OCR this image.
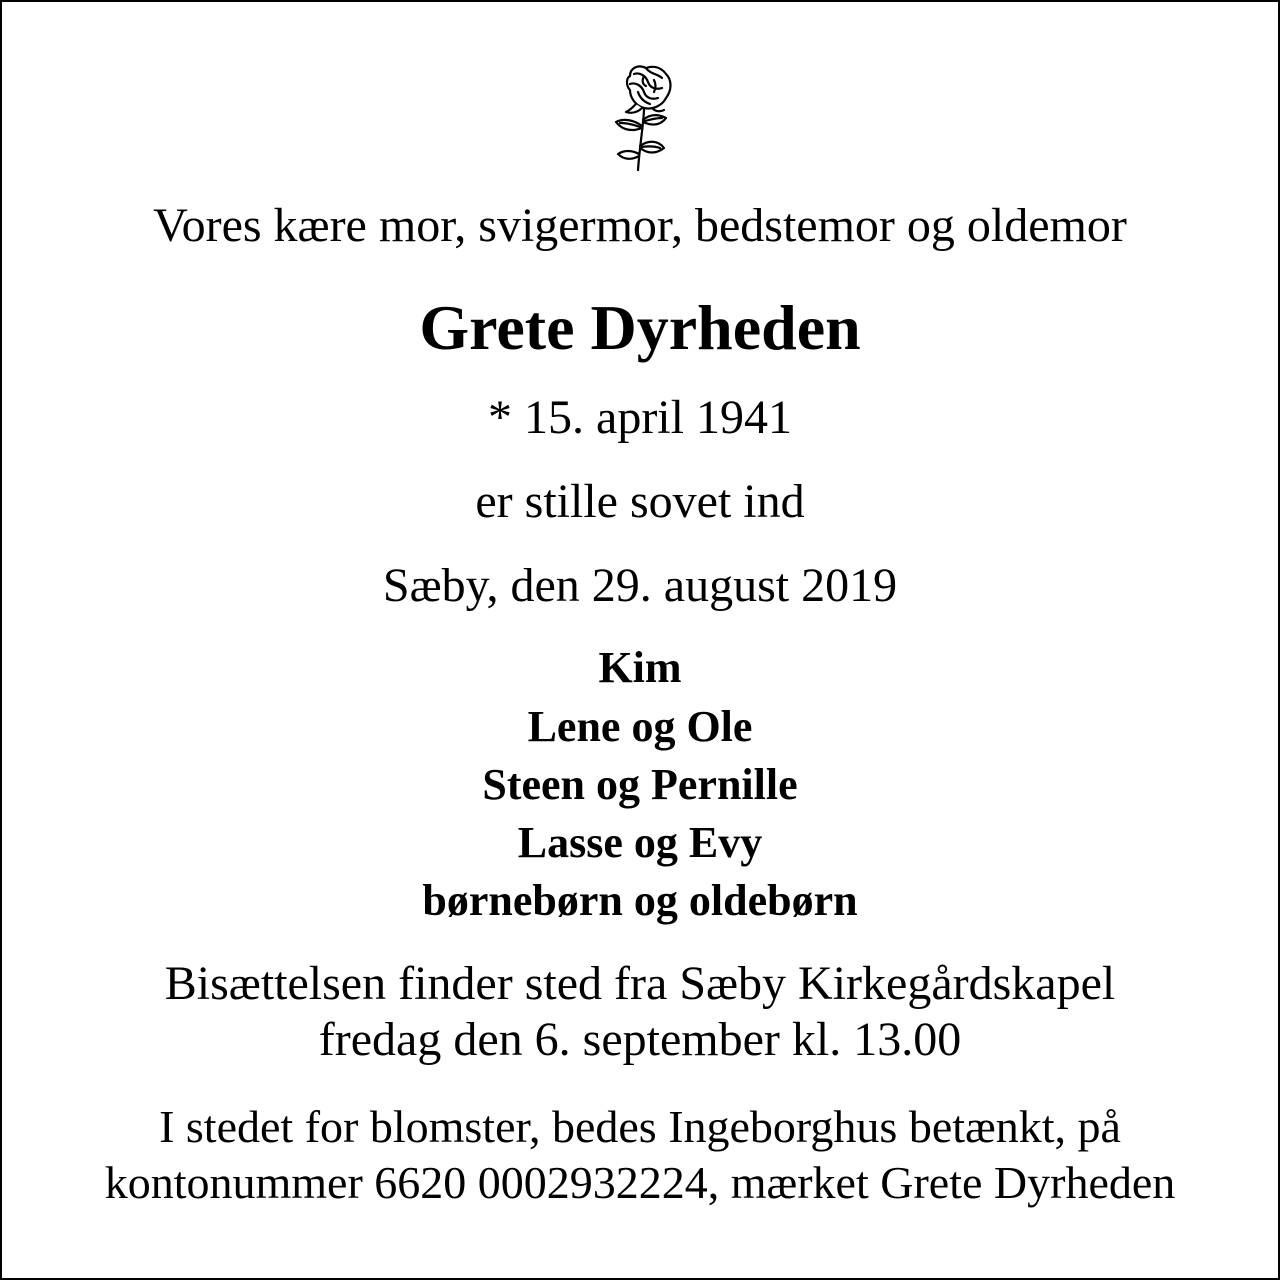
Vores kære mor, svigermor, bedstemor og oldemor
Grete Dyrheden
* 15. april 1941
er stille sovet ind
Sæby, den 29. august 2019
Kim
Lene og Ole
Steen og Pernille
Lasse og Evy
børnebørn og oldebørn
Bisættelsen finder sted fra Sæby Kirkegårdskapel
fredag den 6. september kl. 13.00
I stedet for blomster, bedes Ingeborghus betænkt, på
kontonummer 6620 0002932224, mærket Grete Dyrheden
